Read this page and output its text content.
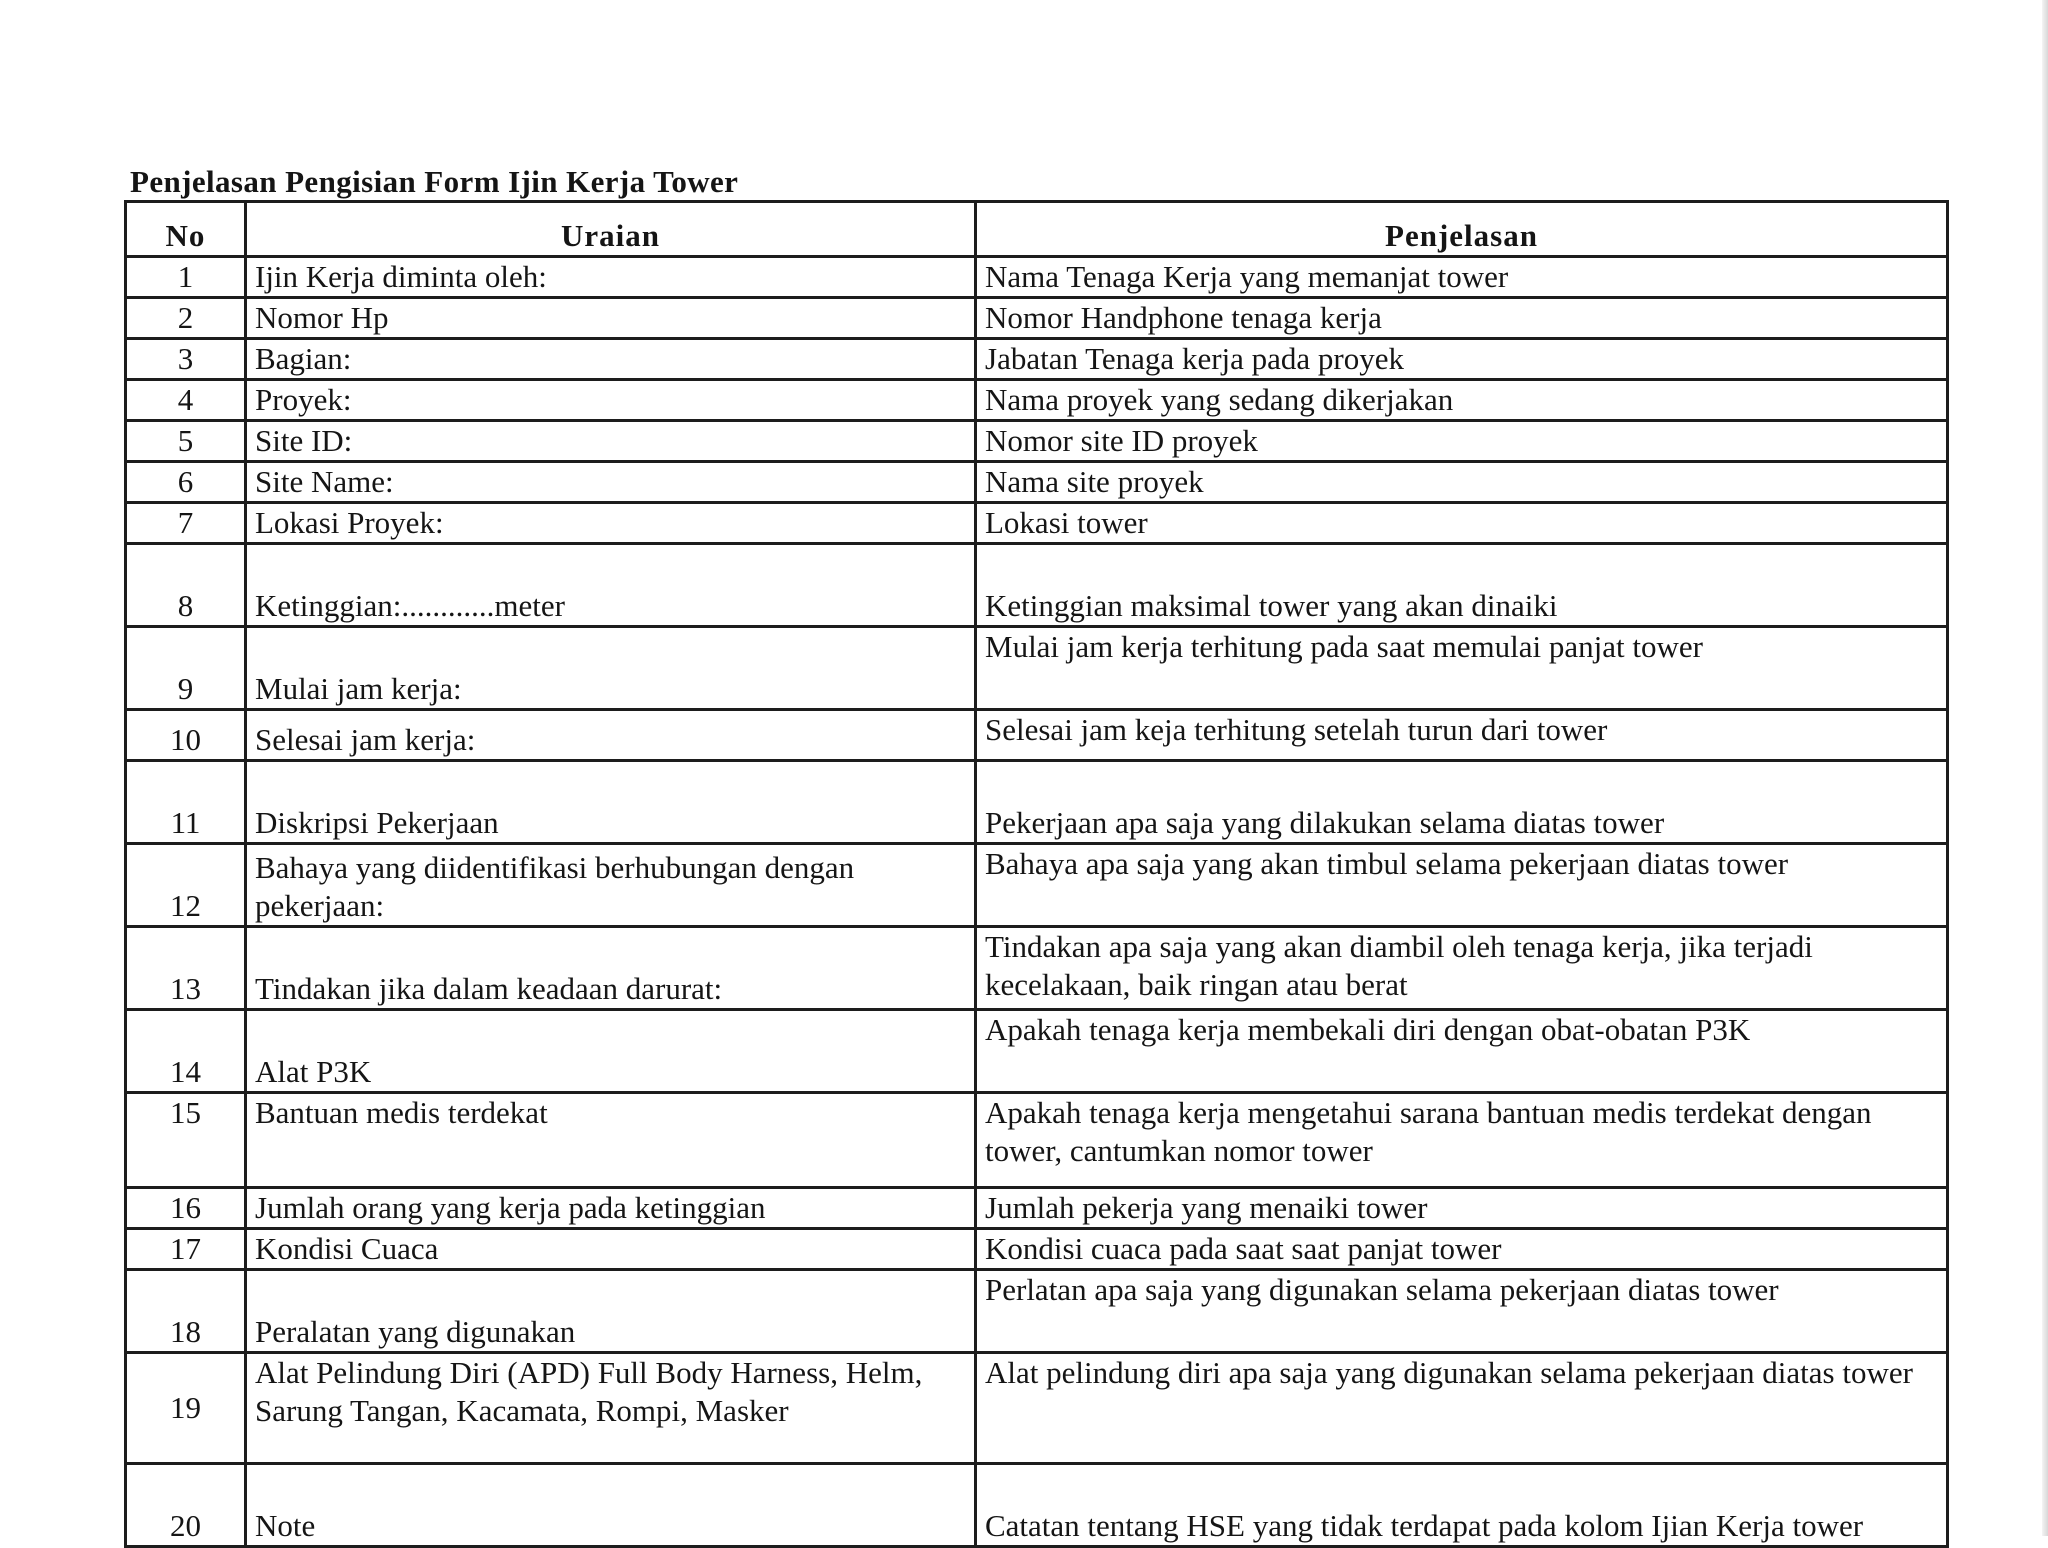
Penjelasan Pengisian Form Ijin Kerja Tower
No	Uraian	Penjelasan
1	Ijin Kerja diminta oleh:	Nama Tenaga Kerja yang memanjat tower
2	Nomor Hp	Nomor Handphone tenaga kerja
3	Bagian:	Jabatan Tenaga kerja pada proyek
4	Proyek:	Nama proyek yang sedang dikerjakan
5	Site ID:	Nomor site ID proyek
6	Site Name:	Nama site proyek
7	Lokasi Proyek:	Lokasi tower
8	Ketinggian:............meter	Ketinggian maksimal tower yang akan dinaiki
9	Mulai jam kerja:	Mulai jam kerja terhitung pada saat memulai panjat tower
10	Selesai jam kerja:	Selesai jam keja terhitung setelah turun dari tower
11	Diskripsi Pekerjaan	Pekerjaan apa saja yang dilakukan selama diatas tower
12	Bahaya yang diidentifikasi berhubungan dengan pekerjaan:	Bahaya apa saja yang akan timbul selama pekerjaan diatas tower
13	Tindakan jika dalam keadaan darurat:	Tindakan apa saja yang akan diambil oleh tenaga kerja, jika terjadi kecelakaan, baik ringan atau berat
14	Alat P3K	Apakah tenaga kerja membekali diri dengan obat-obatan P3K
15	Bantuan medis terdekat	Apakah tenaga kerja mengetahui sarana bantuan medis terdekat dengan tower, cantumkan nomor tower
16	Jumlah orang yang kerja pada ketinggian	Jumlah pekerja yang menaiki tower
17	Kondisi Cuaca	Kondisi cuaca pada saat saat panjat tower
18	Peralatan yang digunakan	Perlatan apa saja yang digunakan selama pekerjaan diatas tower
19	Alat Pelindung Diri (APD) Full Body Harness, Helm, Sarung Tangan, Kacamata, Rompi, Masker	Alat pelindung diri apa saja yang digunakan selama pekerjaan diatas tower
20	Note	Catatan tentang HSE yang tidak terdapat pada kolom Ijian Kerja tower
